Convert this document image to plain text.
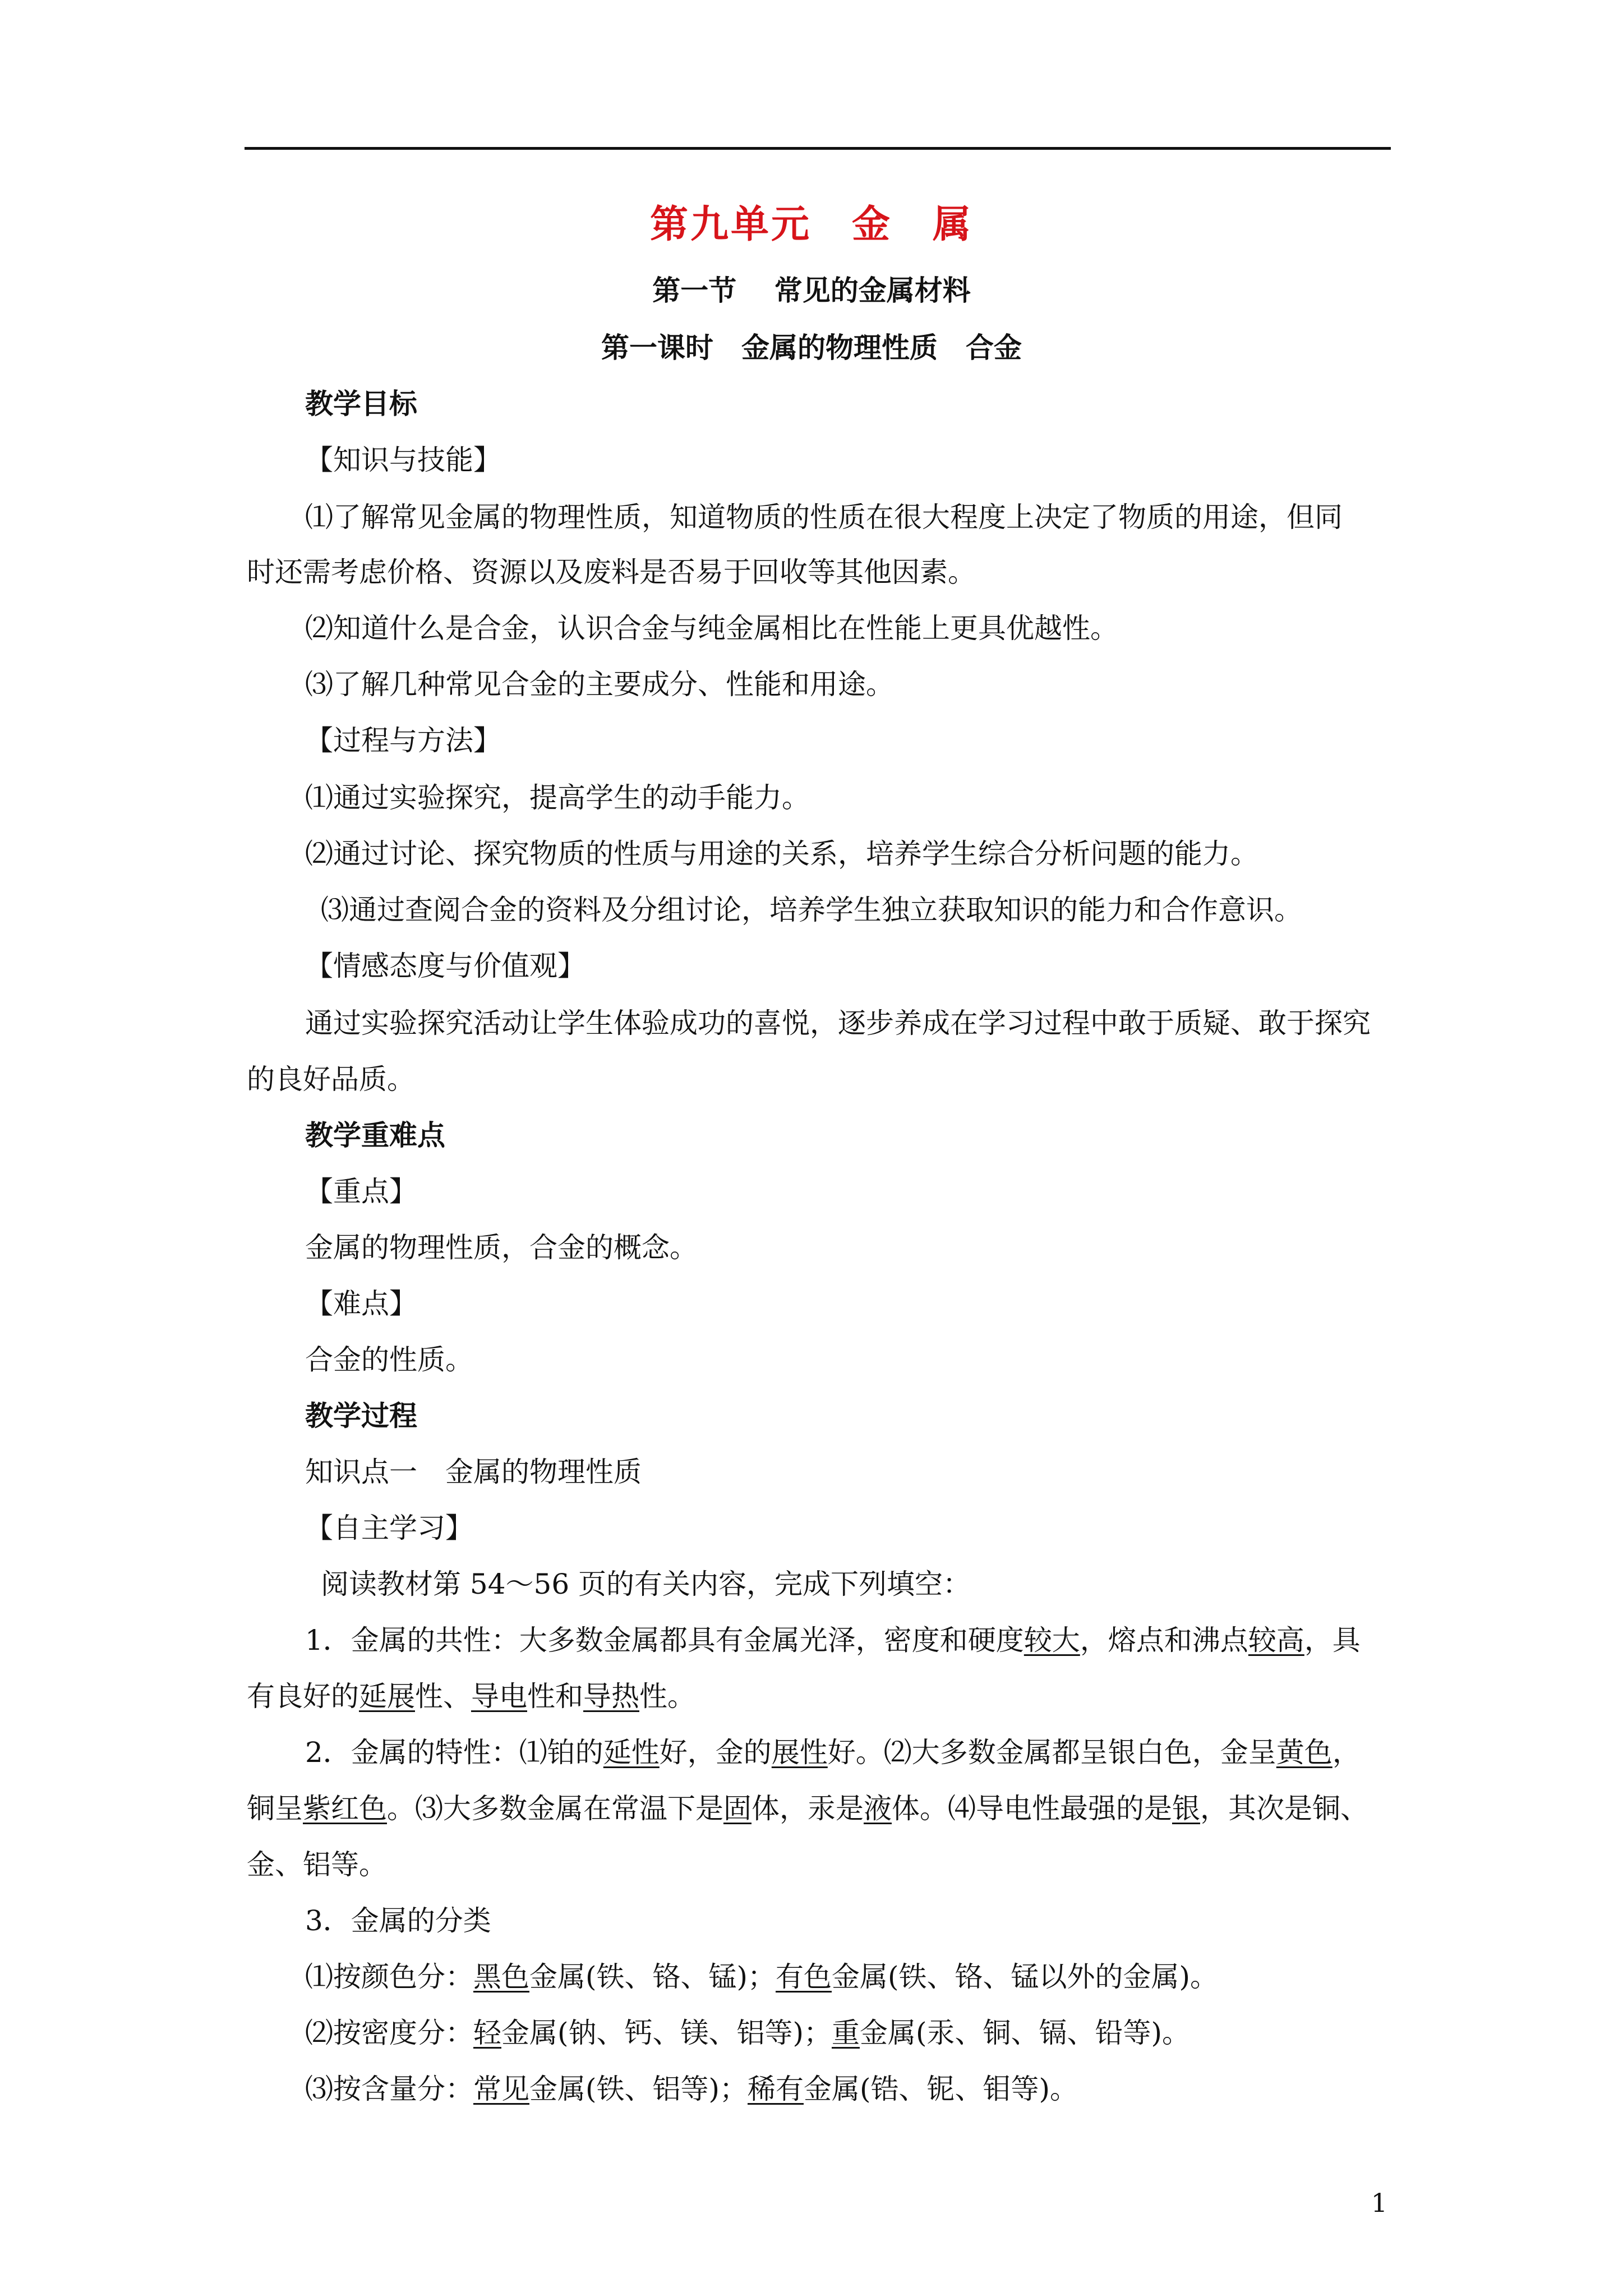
第九单元　金　属
第一节　 常见的金属材料
第一课时　金属的物理性质　合金
教学目标
【知识与技能】
⑴了解常见金属的物理性质，知道物质的性质在很大程度上决定了物质的用途，但同
时还需考虑价格、资源以及废料是否易于回收等其他因素。
⑵知道什么是合金，认识合金与纯金属相比在性能上更具优越性。
⑶了解几种常见合金的主要成分、性能和用途。
【过程与方法】
⑴通过实验探究，提高学生的动手能力。
⑵通过讨论、探究物质的性质与用途的关系，培养学生综合分析问题的能力。
⑶通过查阅合金的资料及分组讨论，培养学生独立获取知识的能力和合作意识。
【情感态度与价值观】
通过实验探究活动让学生体验成功的喜悦，逐步养成在学习过程中敢于质疑、敢于探究
的良好品质。
教学重难点
【重点】
金属的物理性质，合金的概念。
【难点】
合金的性质。
教学过程
知识点一　金属的物理性质
【自主学习】
阅读教材第 54～56 页的有关内容，完成下列填空：
1．金属的共性：大多数金属都具有金属光泽，密度和硬度较大，熔点和沸点较高，具
有良好的延展性、导电性和导热性。
2．金属的特性：⑴铂的延性好，金的展性好。⑵大多数金属都呈银白色，金呈黄色，
铜呈紫红色。⑶大多数金属在常温下是固体，汞是液体。⑷导电性最强的是银，其次是铜、
金、铝等。
3．金属的分类
⑴按颜色分：黑色金属(铁、铬、锰)；有色金属(铁、铬、锰以外的金属)。
⑵按密度分：轻金属(钠、钙、镁、铝等)；重金属(汞、铜、镉、铅等)。
⑶按含量分：常见金属(铁、铝等)；稀有金属(锆、铌、钼等)。
1
